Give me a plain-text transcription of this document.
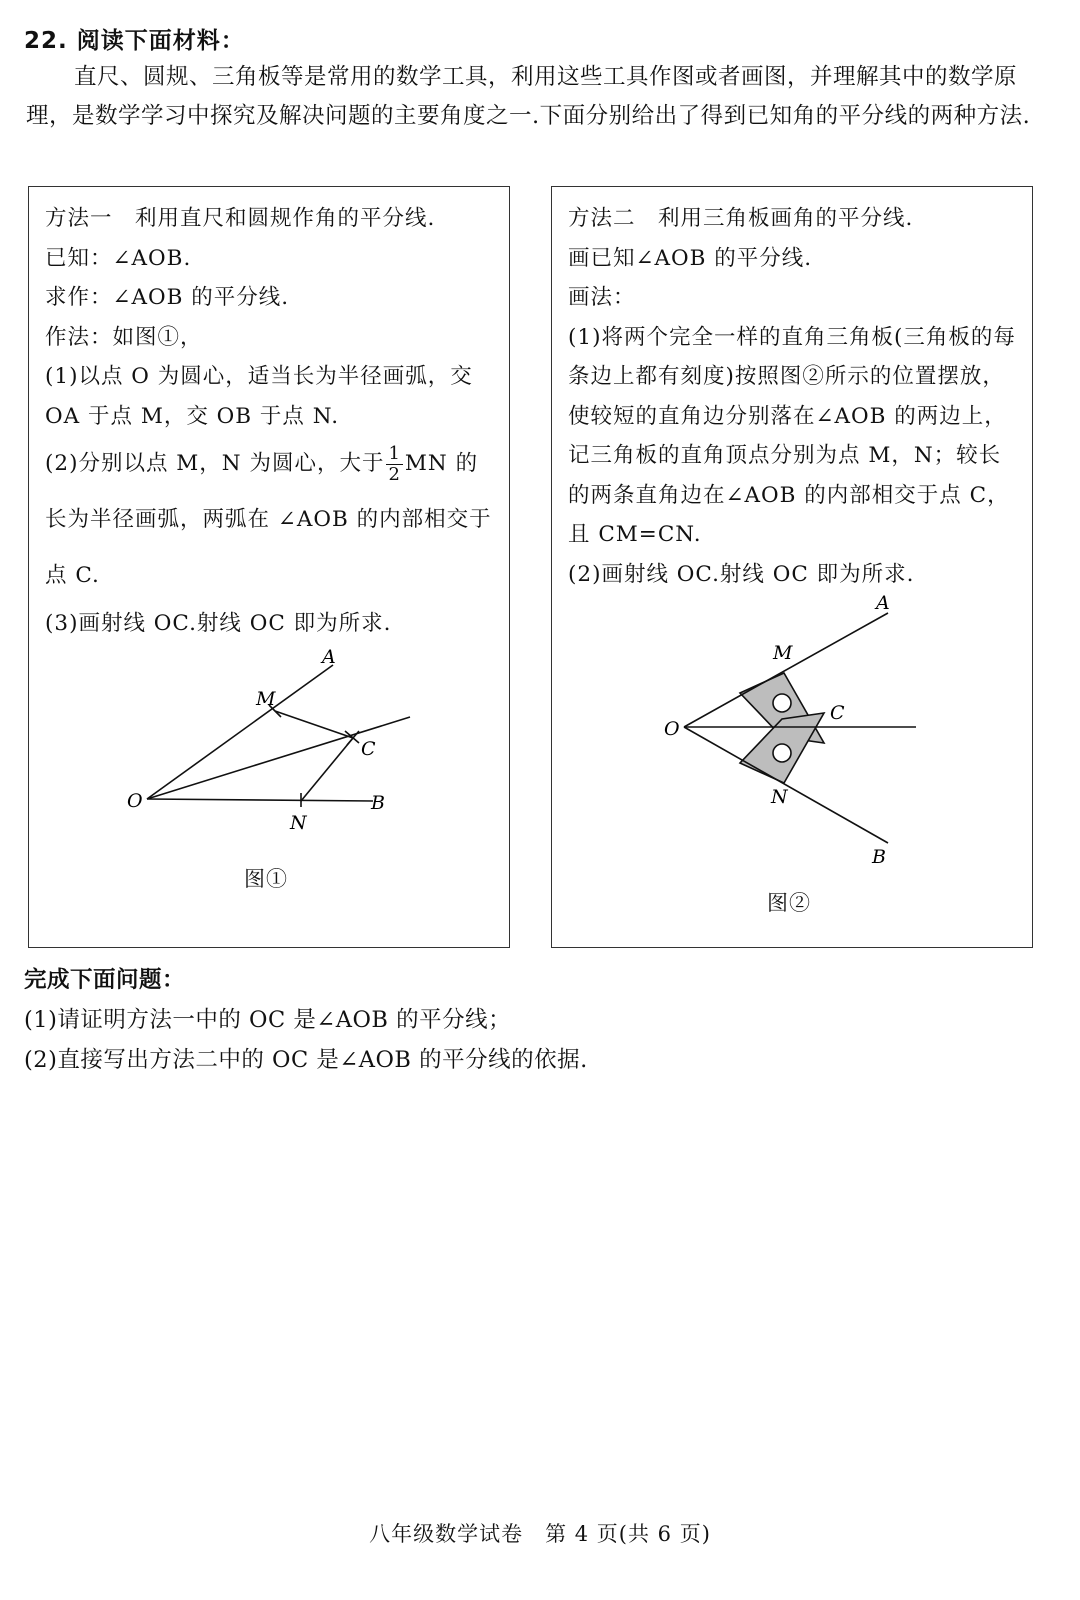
22. 阅读下面材料：
直尺、圆规、三角板等是常用的数学工具，利用这些工具作图或者画图，并理解其中的数学原理，是数学学习中探究及解决问题的主要角度之一.下面分别给出了得到已知角的平分线的两种方法.

方法一　利用直尺和圆规作角的平分线.

已知：∠AOB.

求作：∠AOB 的平分线.

作法：如图①，

(1)以点 O 为圆心，适当长为半径画弧，交 OA 于点 M，交 OB 于点 N.

(2)分别以点 M，N 为圆心，大于 $\frac{1}{2}$ MN 的长为半径画弧，两弧在 ∠AOB 的内部相交于点 C.

(3)画射线 OC.射线 OC 即为所求.

A
M
C
O
N
B
图①

方法二　利用三角板画角的平分线.

画已知∠AOB 的平分线.

画法：

(1)将两个完全一样的直角三角板(三角板的每条边上都有刻度)按照图②所示的位置摆放，使较短的直角边分别落在∠AOB 的两边上，记三角板的直角顶点分别为点 M，N；较长的两条直角边在∠AOB 的内部相交于点 C，且 CM=CN.

(2)画射线 OC.射线 OC 即为所求.

A
M
C
O
N
B
图②

完成下面问题：

(1)请证明方法一中的 OC 是∠AOB 的平分线；

(2)直接写出方法二中的 OC 是∠AOB 的平分线的依据.

八年级数学试卷　第 4 页(共 6 页)
